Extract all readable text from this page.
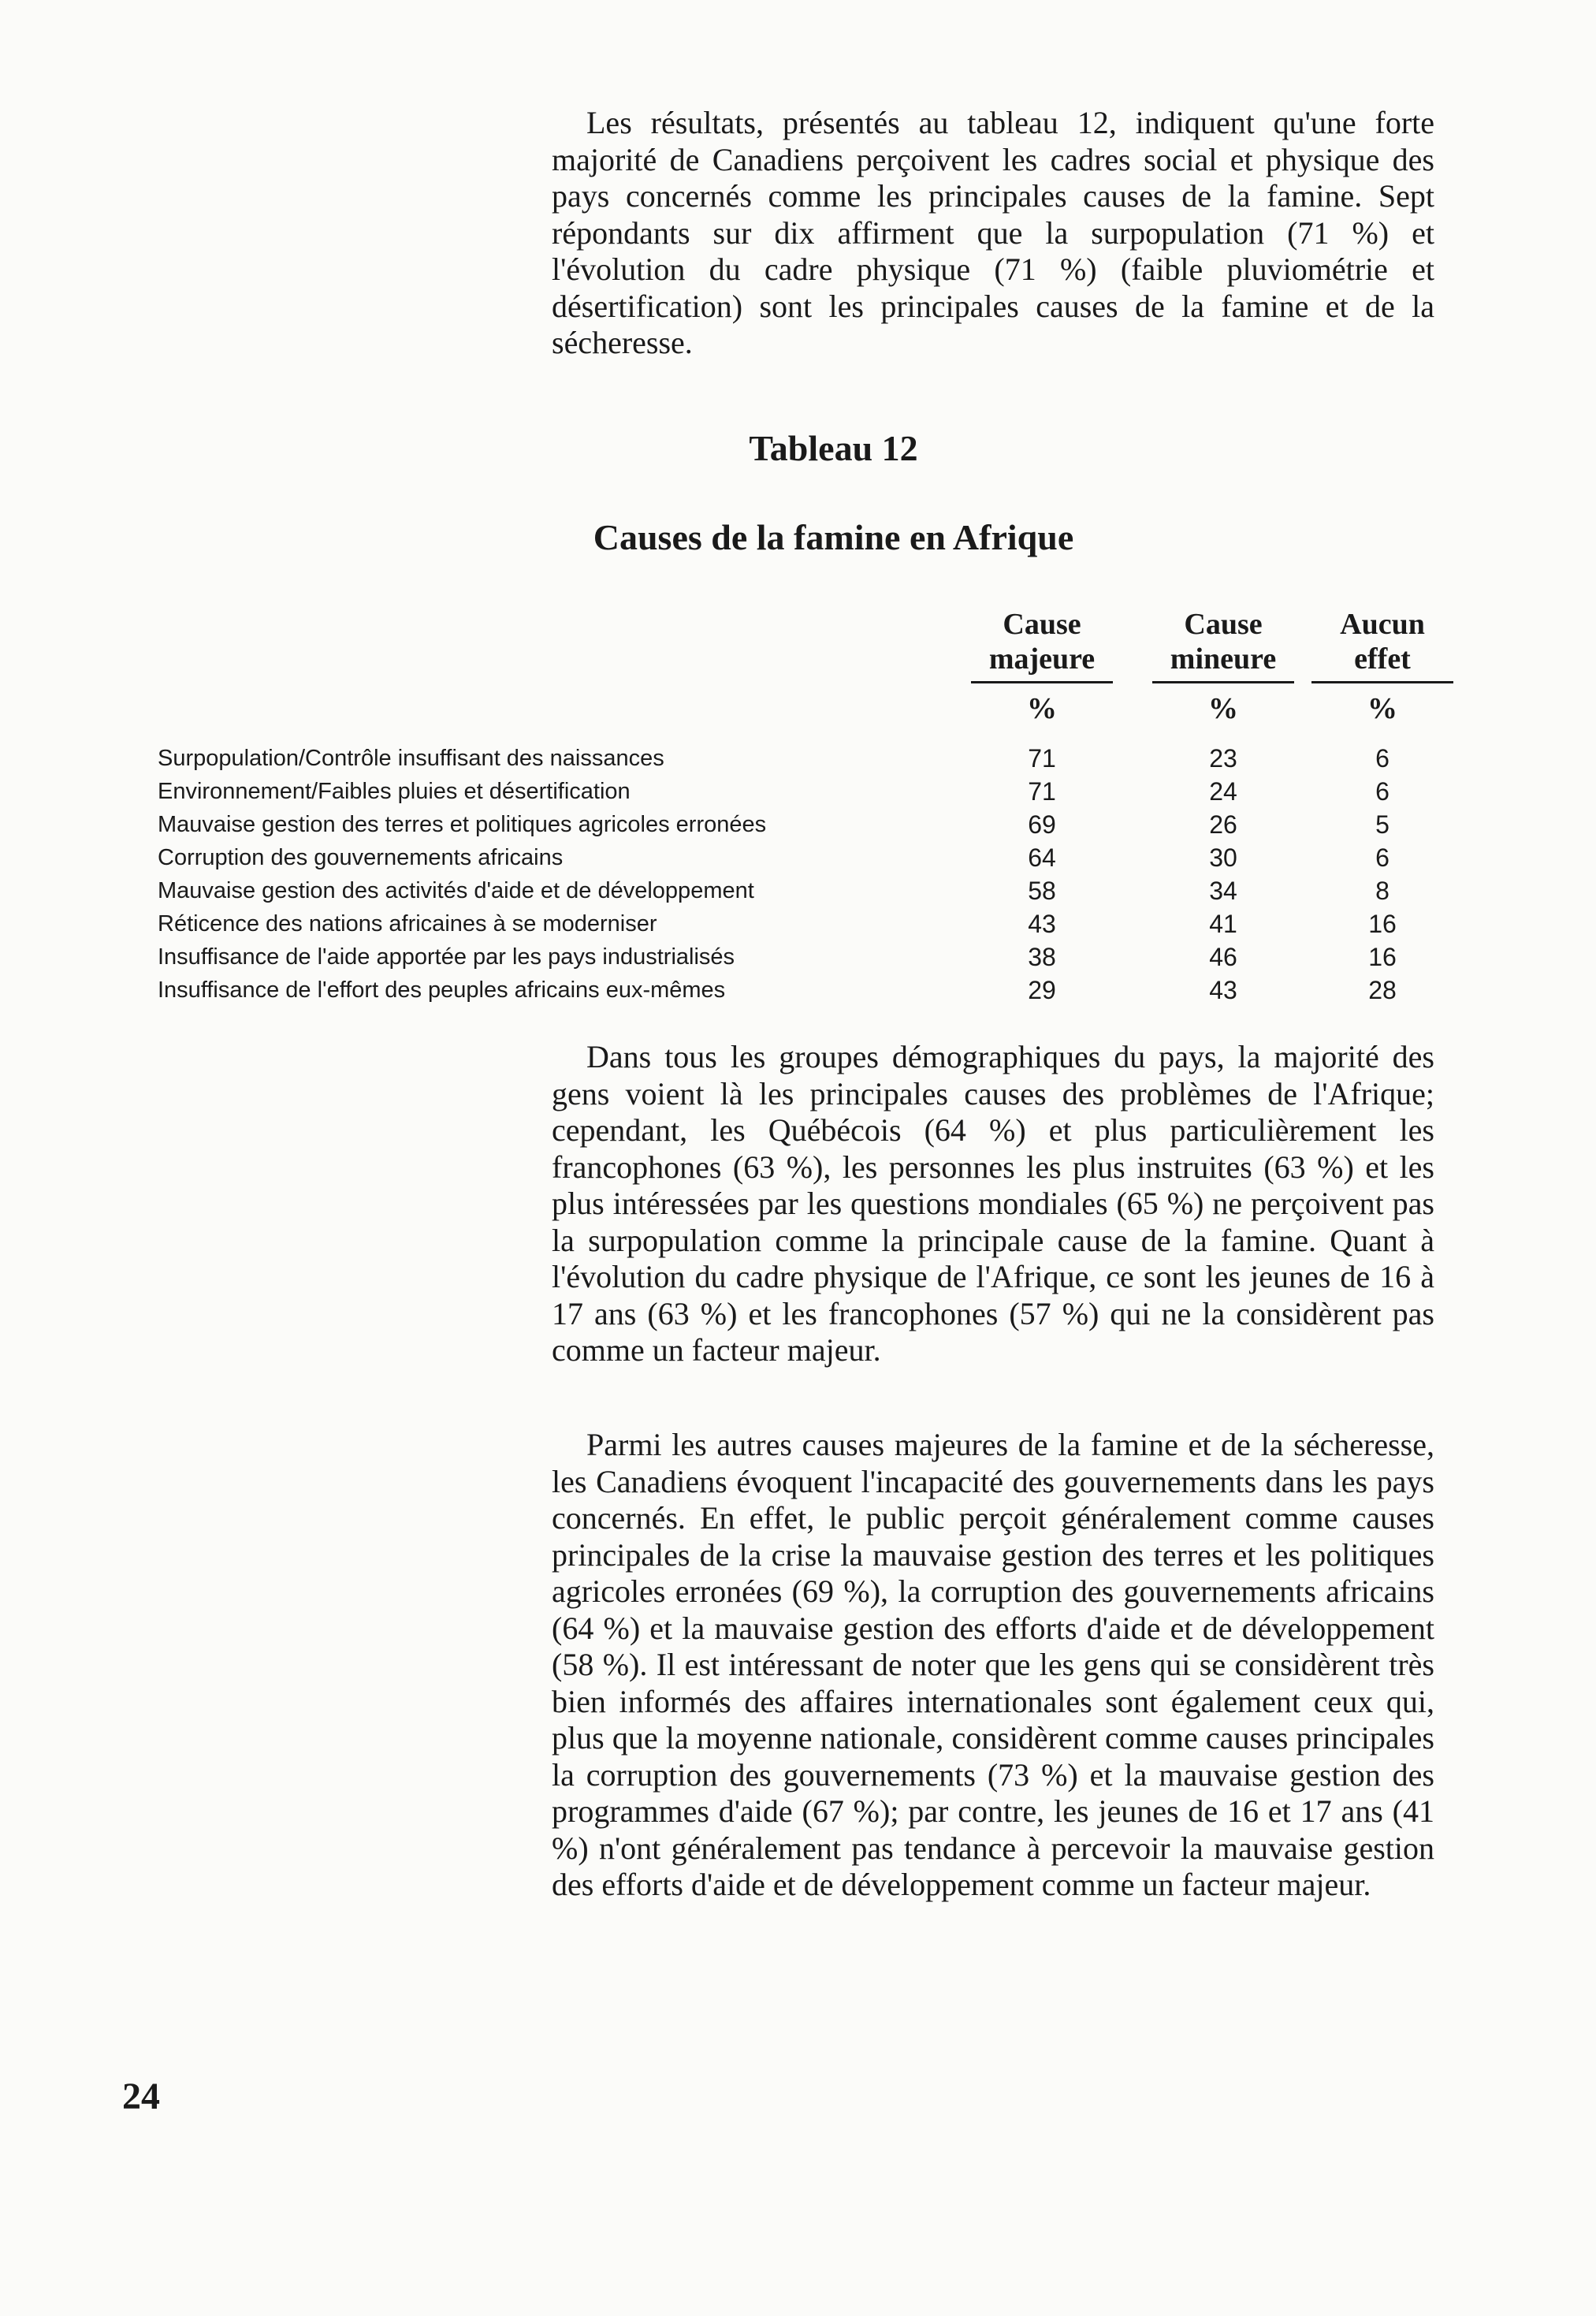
Les résultats, présentés au tableau 12, indiquent qu'une forte majorité de Canadiens perçoivent les cadres social et physique des pays concernés comme les principales causes de la famine. Sept répondants sur dix affirment que la surpopulation (71 %) et l'évolution du cadre physique (71 %) (faible pluviométrie et désertification) sont les principales causes de la famine et de la sécheresse.

Tableau 12
Causes de la famine en Afrique
Cause
majeure
%
Cause
mineure
%
Aucun
effet
%
Surpopulation/Contrôle insuffisant des naissances	71	23	6
Environnement/Faibles pluies et désertification	71	24	6
Mauvaise gestion des terres et politiques agricoles erronées	69	26	5
Corruption des gouvernements africains	64	30	6
Mauvaise gestion des activités d'aide et de développement	58	34	8
Réticence des nations africaines à se moderniser	43	41	16
Insuffisance de l'aide apportée par les pays industrialisés	38	46	16
Insuffisance de l'effort des peuples africains eux-mêmes	29	43	28

Dans tous les groupes démographiques du pays, la majorité des gens voient là les principales causes des problèmes de l'Afrique; cependant, les Québécois (64 %) et plus particulièrement les francophones (63 %), les personnes les plus instruites (63 %) et les plus intéressées par les questions mondiales (65 %) ne perçoivent pas la surpopulation comme la principale cause de la famine. Quant à l'évolution du cadre physique de l'Afrique, ce sont les jeunes de 16 à 17 ans (63 %) et les francophones (57 %) qui ne la considèrent pas comme un facteur majeur.

Parmi les autres causes majeures de la famine et de la sécheresse, les Canadiens évoquent l'incapacité des gouvernements dans les pays concernés. En effet, le public perçoit généralement comme causes principales de la crise la mauvaise gestion des terres et les politiques agricoles erronées (69 %), la corruption des gouvernements africains (64 %) et la mauvaise gestion des efforts d'aide et de développement (58 %). Il est intéressant de noter que les gens qui se considèrent très bien informés des affaires internationales sont également ceux qui, plus que la moyenne nationale, considèrent comme causes principales la corruption des gouvernements (73 %) et la mauvaise gestion des programmes d'aide (67 %); par contre, les jeunes de 16 et 17 ans (41 %) n'ont généralement pas tendance à percevoir la mauvaise gestion des efforts d'aide et de développement comme un facteur majeur.

24
